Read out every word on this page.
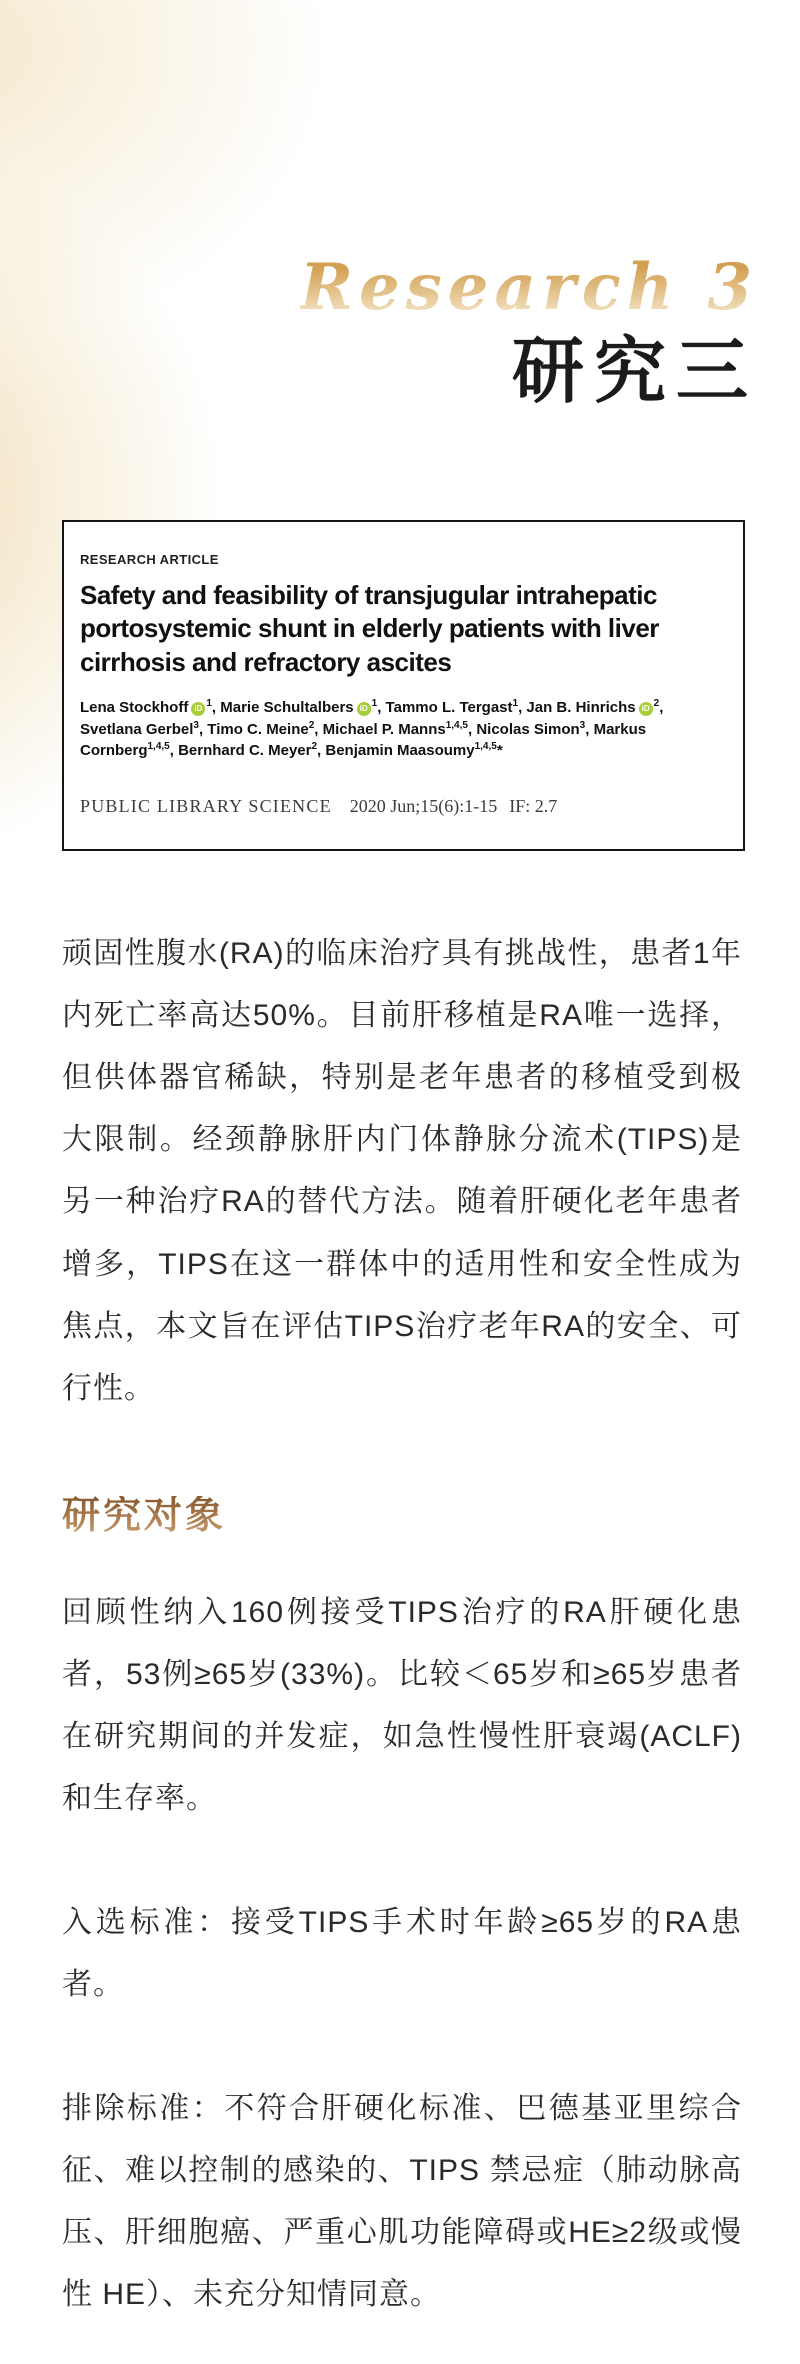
Research 3
研究三
RESEARCH ARTICLE
Safety and feasibility of transjugular intrahepatic portosystemic shunt in elderly patients with liver cirrhosis and refractory ascites
Lena Stockhoff iD $^1$, Marie Schultalbers iD $^1$, Tammo L. Tergast$^1$, Jan B. Hinrichs iD $^2$, Svetlana Gerbel$^3$, Timo C. Meine$^2$, Michael P. Manns$^{1,4,5}$, Nicolas Simon$^3$, Markus Cornberg$^{1,4,5}$, Bernhard C. Meyer$^2$, Benjamin Maasoumy$^{1,4,5}$*
PUBLIC LIBRARY SCIENCE 2020 Jun;15(6):1-15 IF: 2.7

顽固性腹水(RA)的临床治疗具有挑战性，患者1年内死亡率高达50%。目前肝移植是RA唯一选择，但供体器官稀缺，特别是老年患者的移植受到极大限制。经颈静脉肝内门体静脉分流术(TIPS)是另一种治疗RA的替代方法。随着肝硬化老年患者增多，TIPS在这一群体中的适用性和安全性成为焦点，本文旨在评估TIPS治疗老年RA的安全、可行性。

研究对象

回顾性纳入160例接受TIPS治疗的RA肝硬化患者，53例≥65岁(33%)。比较＜65岁和≥65岁患者在研究期间的并发症，如急性慢性肝衰竭(ACLF)和生存率。

入选标准：接受TIPS手术时年龄≥65岁的RA患者。

排除标准：不符合肝硬化标准、巴德基亚里综合征、难以控制的感染的、TIPS 禁忌症（肺动脉高压、肝细胞癌、严重心肌功能障碍或HE≥2级或慢性 HE）、未充分知情同意。
